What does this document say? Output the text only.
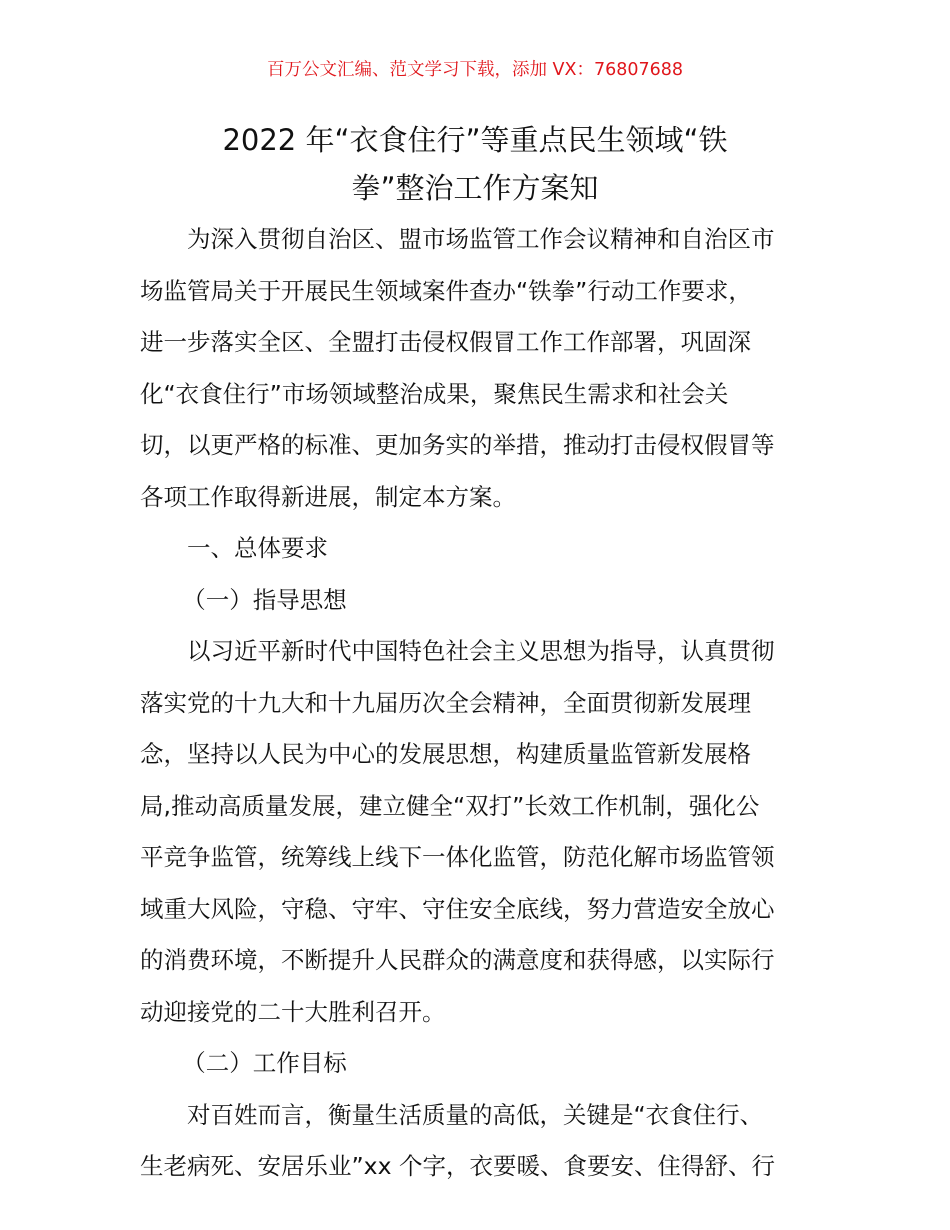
百万公文汇编、范文学习下载，添加 VX：76807688
2022 年“衣食住行”等重点民生领域“铁
拳”整治工作方案知
为深入贯彻自治区、盟市场监管工作会议精神和自治区市
场监管局关于开展民生领域案件查办“铁拳”行动工作要求，
进一步落实全区、全盟打击侵权假冒工作工作部署，巩固深
化“衣食住行”市场领域整治成果，聚焦民生需求和社会关
切，以更严格的标准、更加务实的举措，推动打击侵权假冒等
各项工作取得新进展，制定本方案。
一、总体要求
（一）指导思想
以习近平新时代中国特色社会主义思想为指导，认真贯彻
落实党的十九大和十九届历次全会精神，全面贯彻新发展理
念，坚持以人民为中心的发展思想，构建质量监管新发展格
局,推动高质量发展，建立健全“双打”长效工作机制，强化公
平竞争监管，统筹线上线下一体化监管，防范化解市场监管领
域重大风险，守稳、守牢、守住安全底线，努力营造安全放心
的消费环境，不断提升人民群众的满意度和获得感，以实际行
动迎接党的二十大胜利召开。
（二）工作目标
对百姓而言，衡量生活质量的高低，关键是“衣食住行、
生老病死、安居乐业”xx 个字，衣要暖、食要安、住得舒、行
